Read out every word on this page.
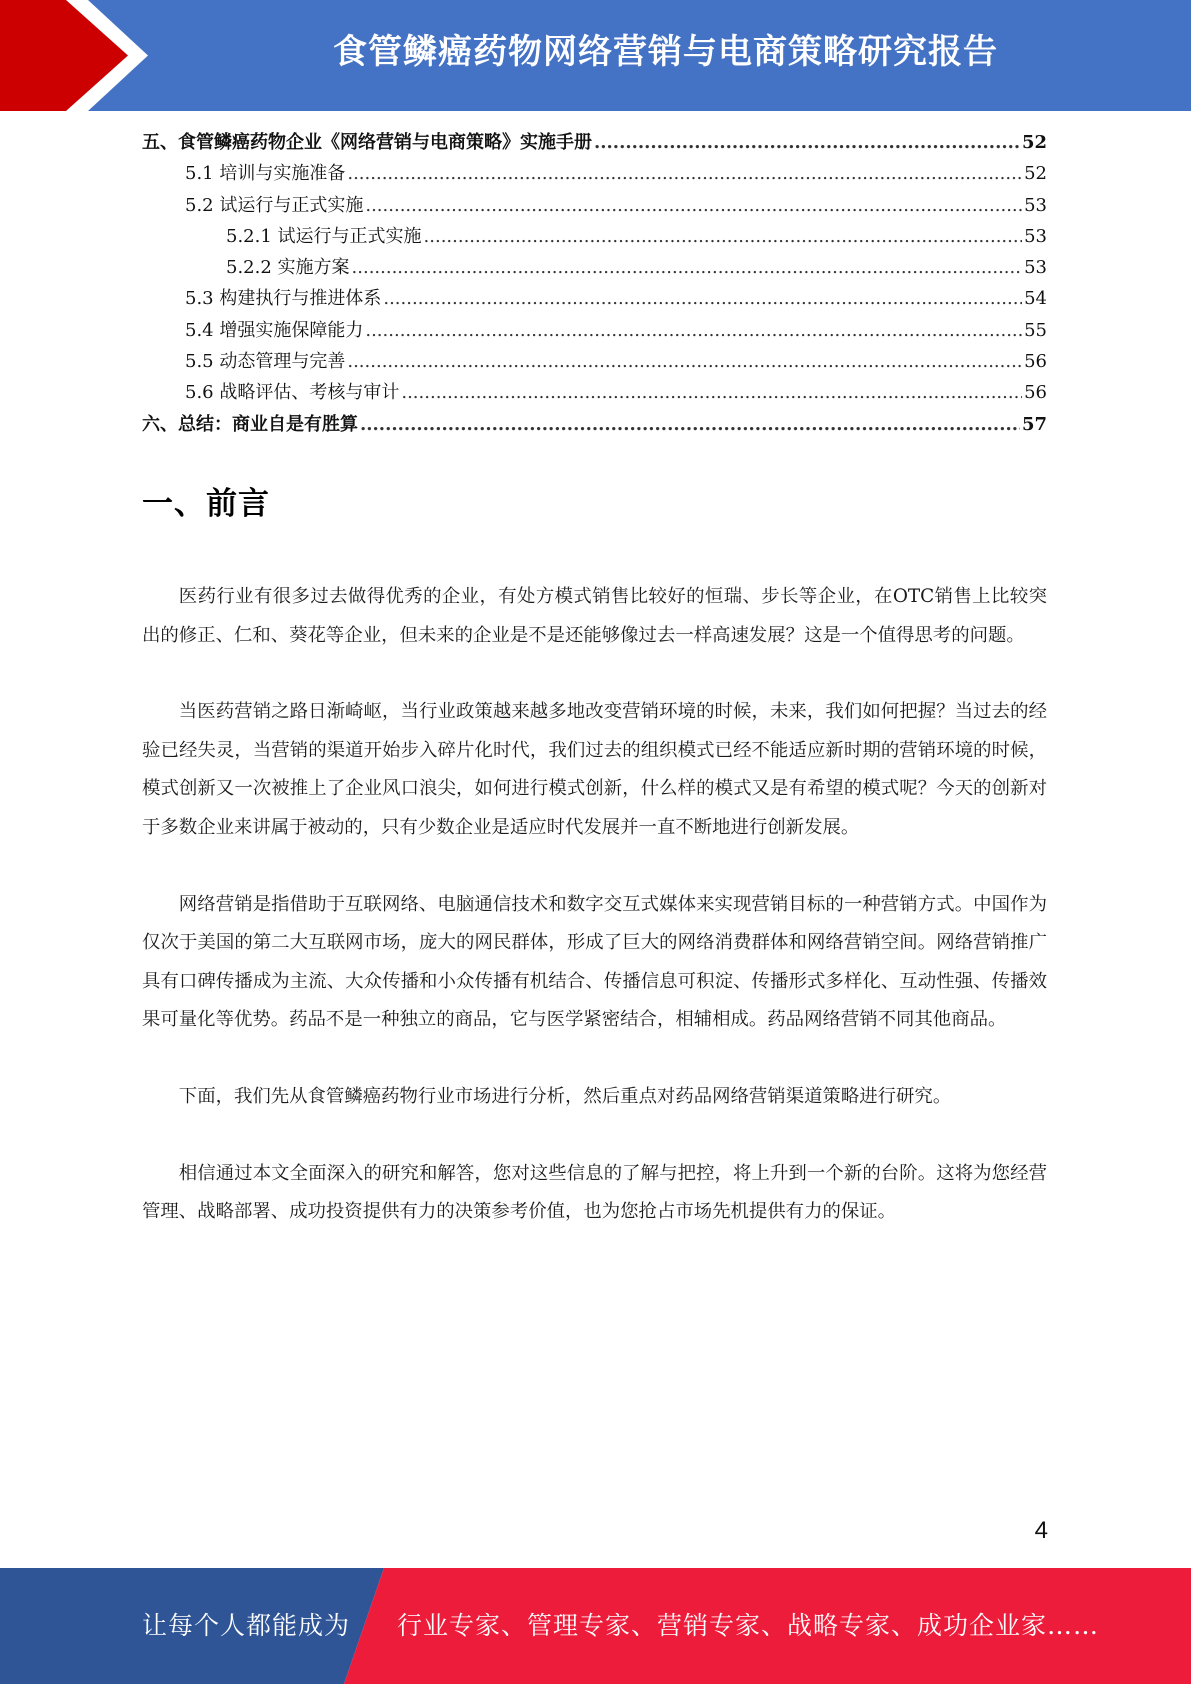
食管鳞癌药物网络营销与电商策略研究报告
五、食管鳞癌药物企业《网络营销与电商策略》实施手册 .....	52
5.1 培训与实施准备 .....	52
5.2 试运行与正式实施 .....	53
5.2.1 试运行与正式实施 .....	53
5.2.2 实施方案 .....	53
5.3 构建执行与推进体系 .....	54
5.4 增强实施保障能力 .....	55
5.5 动态管理与完善 .....	56
5.6 战略评估、考核与审计 .....	56
六、总结：商业自是有胜算 .....	57
一、前言

医药行业有很多过去做得优秀的企业，有处方模式销售比较好的恒瑞、步长等企业，在OTC销售上比较突出的修正、仁和、葵花等企业，但未来的企业是不是还能够像过去一样高速发展？这是一个值得思考的问题。

当医药营销之路日渐崎岖，当行业政策越来越多地改变营销环境的时候，未来，我们如何把握？当过去的经验已经失灵，当营销的渠道开始步入碎片化时代，我们过去的组织模式已经不能适应新时期的营销环境的时候，模式创新又一次被推上了企业风口浪尖，如何进行模式创新，什么样的模式又是有希望的模式呢？今天的创新对于多数企业来讲属于被动的，只有少数企业是适应时代发展并一直不断地进行创新发展。

网络营销是指借助于互联网络、电脑通信技术和数字交互式媒体来实现营销目标的一种营销方式。中国作为仅次于美国的第二大互联网市场，庞大的网民群体，形成了巨大的网络消费群体和网络营销空间。网络营销推广具有口碑传播成为主流、大众传播和小众传播有机结合、传播信息可积淀、传播形式多样化、互动性强、传播效果可量化等优势。药品不是一种独立的商品，它与医学紧密结合，相辅相成。药品网络营销不同其他商品。

下面，我们先从食管鳞癌药物行业市场进行分析，然后重点对药品网络营销渠道策略进行研究。

相信通过本文全面深入的研究和解答，您对这些信息的了解与把控，将上升到一个新的台阶。这将为您经营管理、战略部署、成功投资提供有力的决策参考价值，也为您抢占市场先机提供有力的保证。

4
让每个人都能成为 行业专家、管理专家、营销专家、战略专家、成功企业家……
